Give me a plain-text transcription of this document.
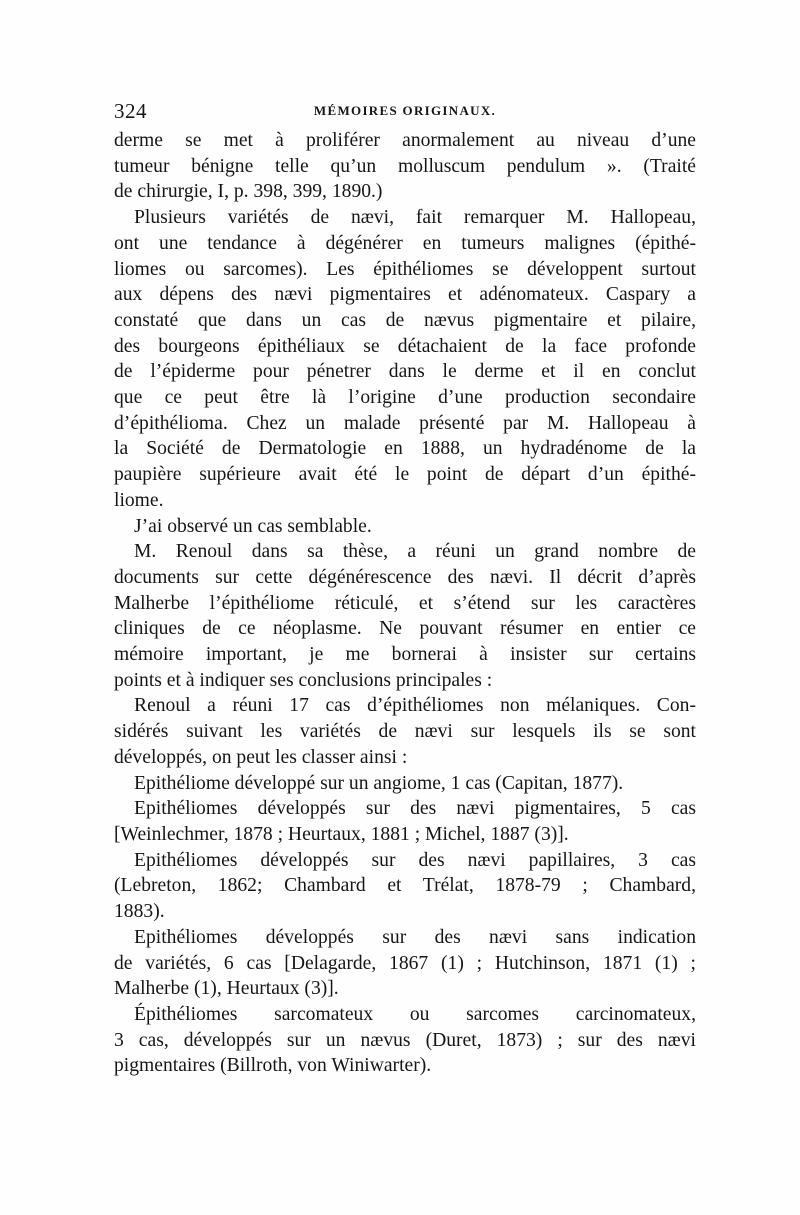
324	MÉMOIRES ORIGINAUX.
derme se met à proliférer anormalement au niveau d’une
tumeur bénigne telle qu’un molluscum pendulum ». (Traité
de chirurgie, I, p. 398, 399, 1890.)
Plusieurs variétés de nævi, fait remarquer M. Hallopeau,
ont une tendance à dégénérer en tumeurs malignes (épithé-
liomes ou sarcomes). Les épithéliomes se développent surtout
aux dépens des nævi pigmentaires et adénomateux. Caspary a
constaté que dans un cas de nævus pigmentaire et pilaire,
des bourgeons épithéliaux se détachaient de la face profonde
de l’épiderme pour pénetrer dans le derme et il en conclut
que ce peut être là l’origine d’une production secondaire
d’épithélioma. Chez un malade présenté par M. Hallopeau à
la Société de Dermatologie en 1888, un hydradénome de la
paupière supérieure avait été le point de départ d’un épithé-
liome.
J’ai observé un cas semblable.
M. Renoul dans sa thèse, a réuni un grand nombre de
documents sur cette dégénérescence des nævi. Il décrit d’après
Malherbe l’épithéliome réticulé, et s’étend sur les caractères
cliniques de ce néoplasme. Ne pouvant résumer en entier ce
mémoire important, je me bornerai à insister sur certains
points et à indiquer ses conclusions principales :
Renoul a réuni 17 cas d’épithéliomes non mélaniques. Con-
sidérés suivant les variétés de nævi sur lesquels ils se sont
développés, on peut les classer ainsi :
Epithéliome développé sur un angiome, 1 cas (Capitan, 1877).
Epithéliomes développés sur des nævi pigmentaires, 5 cas
[Weinlechmer, 1878 ; Heurtaux, 1881 ; Michel, 1887 (3)].
Epithéliomes développés sur des nævi papillaires, 3 cas
(Lebreton, 1862; Chambard et Trélat, 1878-79 ; Chambard,
1883).
Epithéliomes développés sur des nævi sans indication
de variétés, 6 cas [Delagarde, 1867 (1) ; Hutchinson, 1871 (1) ;
Malherbe (1), Heurtaux (3)].
Épithéliomes sarcomateux ou sarcomes carcinomateux,
3 cas, développés sur un nævus (Duret, 1873) ; sur des nævi
pigmentaires (Billroth, von Winiwarter).
